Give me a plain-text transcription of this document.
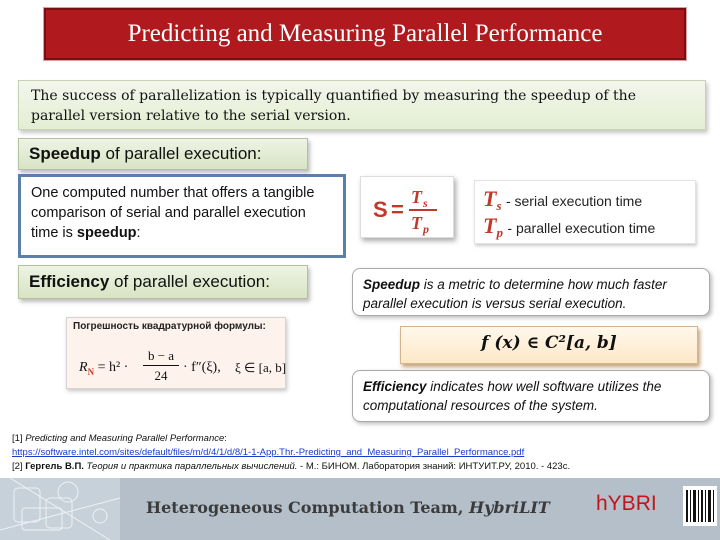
Predicting and Measuring Parallel Performance
The success of parallelization is typically quantified by measuring the speedup of the parallel version relative to the serial version.
Speedup of parallel execution:
One computed number that offers a tangible comparison of serial and parallel execution time is speedup:
S = T s
T p
$T_s$ - serial execution time
$T_p$ - parallel execution time
Efficiency of parallel execution:	Speedup is a metric to determine how much faster parallel execution is versus serial execution.
f (x) ∈ C²[a, b]
Погрешность квадратурной формулы:
$R_N = h^2$ ·
b − a
24
· f″(ξ), ξ ∈ [a, b]
Efficiency indicates how well software utilizes the computational resources of the system.
[1] Predicting and Measuring Parallel Performance:
https://software.intel.com/sites/default/files/m/d/4/1/d/8/1-1-App.Thr.-Predicting_and_Measuring_Parallel_Performance.pdf
[2] Гергель В.П. Теория и практика параллельных вычислений. - М.: БИНОМ. Лаборатория знаний: ИНТУИТ.РУ, 2010. - 423с.
Heterogeneous Computation Team, HybriLIT hYBRI
